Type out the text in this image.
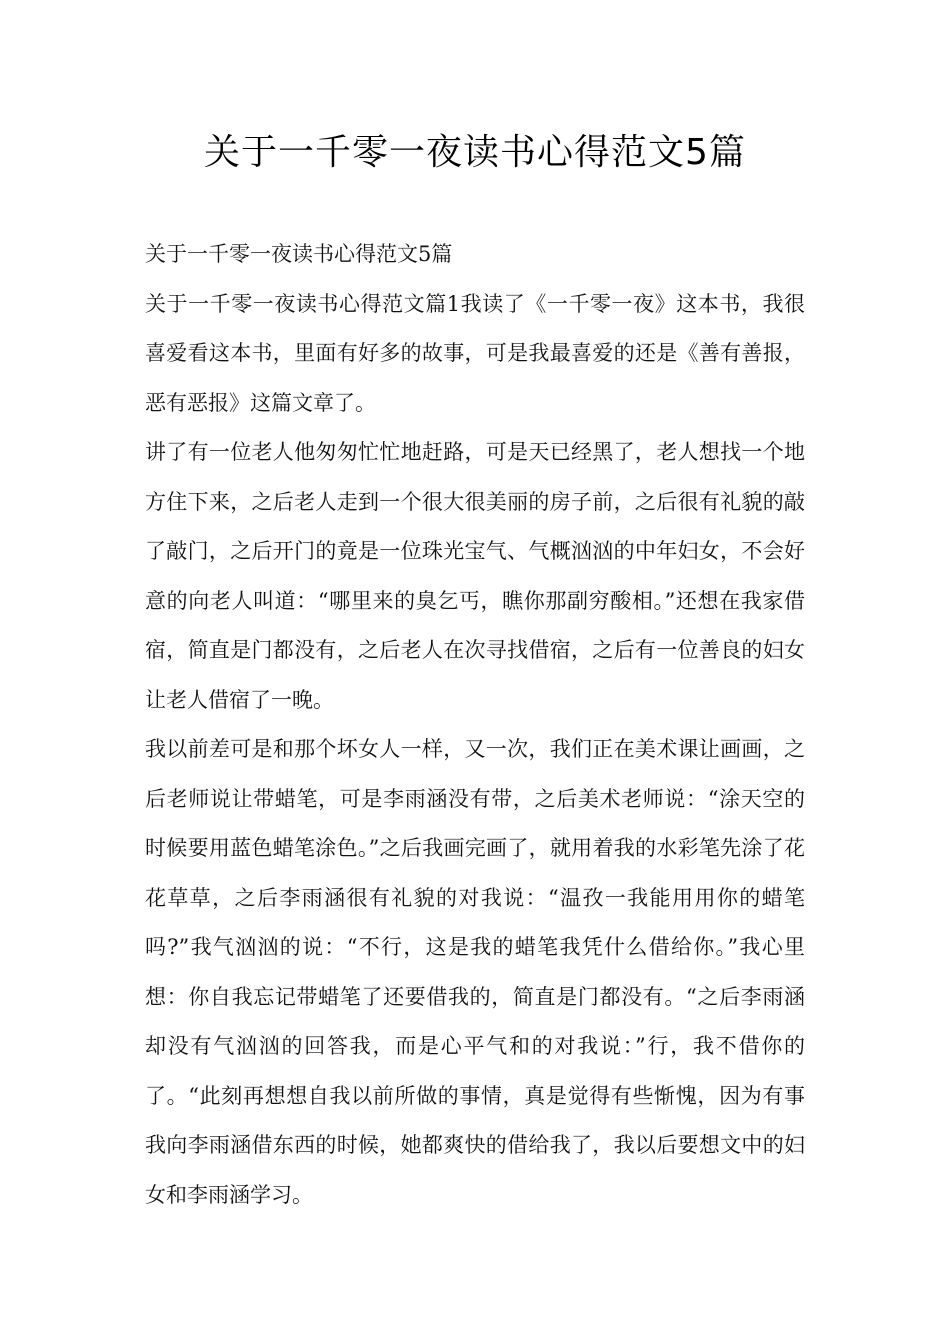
关于一千零一夜读书心得范文5篇

关于一千零一夜读书心得范文5篇

关于一千零一夜读书心得范文篇1我读了《一千零一夜》这本书，我很喜爱看这本书，里面有好多的故事，可是我最喜爱的还是《善有善报，恶有恶报》这篇文章了。

讲了有一位老人他匆匆忙忙地赶路，可是天已经黑了，老人想找一个地方住下来，之后老人走到一个很大很美丽的房子前，之后很有礼貌的敲了敲门，之后开门的竟是一位珠光宝气、气概汹汹的中年妇女，不会好意的向老人叫道：“哪里来的臭乞丐，瞧你那副穷酸相。”还想在我家借宿，简直是门都没有，之后老人在次寻找借宿，之后有一位善良的妇女让老人借宿了一晚。

我以前差可是和那个坏女人一样，又一次，我们正在美术课让画画，之后老师说让带蜡笔，可是李雨涵没有带，之后美术老师说：“涂天空的时候要用蓝色蜡笔涂色。”之后我画完画了，就用着我的水彩笔先涂了花花草草，之后李雨涵很有礼貌的对我说：“温孜一我能用用你的蜡笔吗?”我气汹汹的说：“不行，这是我的蜡笔我凭什么借给你。”我心里想：你自我忘记带蜡笔了还要借我的，简直是门都没有。“之后李雨涵却没有气汹汹的回答我，而是心平气和的对我说：”行，我不借你的了。“此刻再想想自我以前所做的事情，真是觉得有些惭愧，因为有事我向李雨涵借东西的时候，她都爽快的借给我了，我以后要想文中的妇女和李雨涵学习。
